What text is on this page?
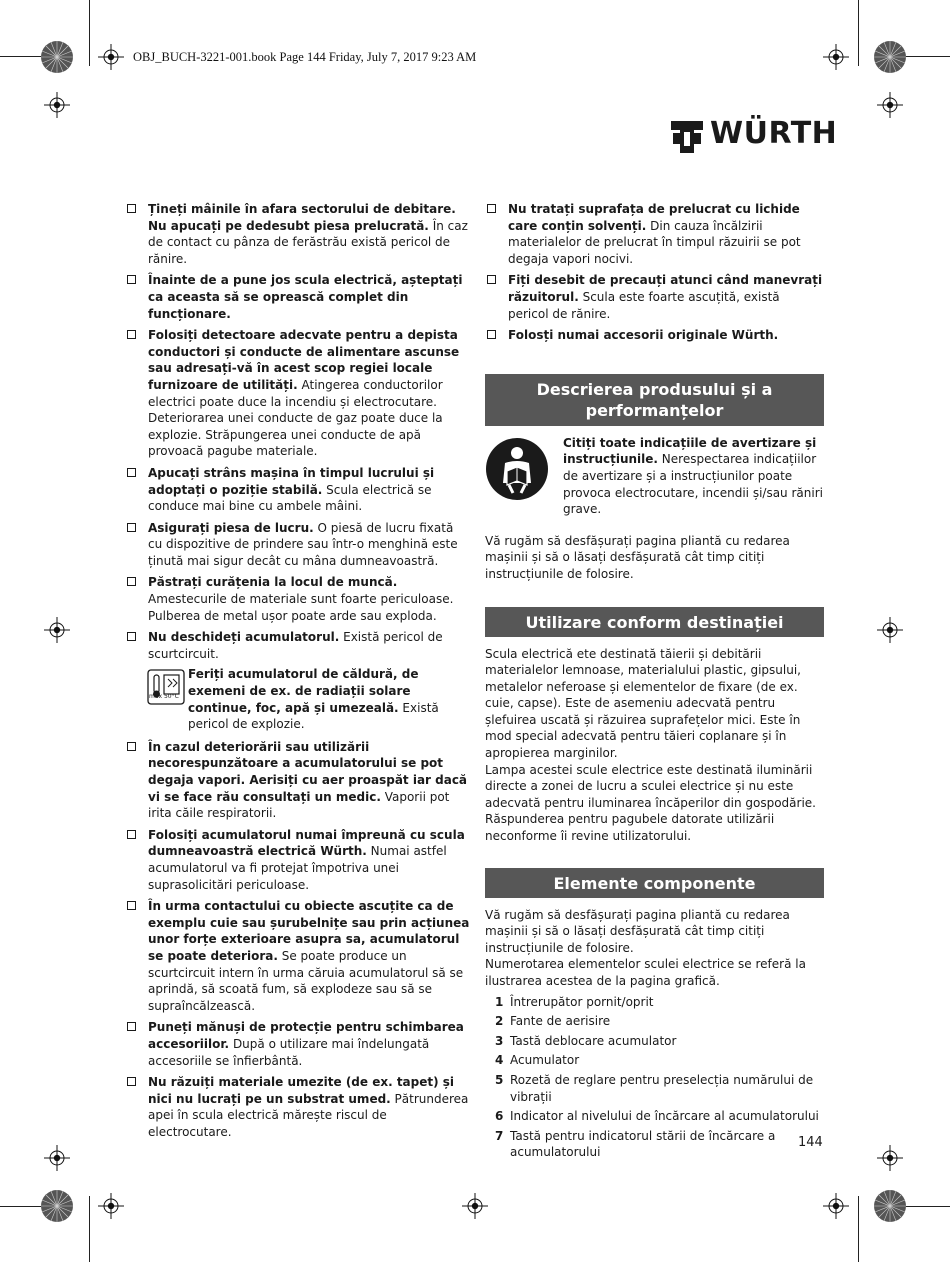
OBJ_BUCH-3221-001.book Page 144 Friday, July 7, 2017 9:23 AM
WÜRTH
Țineți mâinile în afara sectorului de debitare. Nu apucați pe dedesubt piesa prelucrată. În caz de contact cu pânza de ferăstrău există pericol de rănire.
Înainte de a pune jos scula electrică, așteptați ca aceasta să se oprească complet din funcționare.
Folosiți detectoare adecvate pentru a depista conductori și conducte de alimentare ascunse sau adresați-vă în acest scop regiei locale furnizoare de utilități. Atingerea conductorilor electrici poate duce la incendiu și electrocutare. Deteriorarea unei conducte de gaz poate duce la explozie. Străpungerea unei conducte de apă provoacă pagube materiale.
Apucați strâns mașina în timpul lucrului și adoptați o poziție stabilă. Scula electrică se conduce mai bine cu ambele mâini.
Asigurați piesa de lucru. O piesă de lucru fixată cu dispozitive de prindere sau într-o menghină este ținută mai sigur decât cu mâna dumneavoastră.
Păstrați curățenia la locul de muncă. Amestecurile de materiale sunt foarte periculoase. Pulberea de metal ușor poate arde sau exploda.
Nu deschideți acumulatorul. Există pericol de scurtcircuit.
max 50°C
Feriți acumulatorul de căldură, de exemeni de ex. de radiații solare continue, foc, apă și umezeală. Există pericol de explozie.
În cazul deteriorării sau utilizării necorespunzătoare a acumulatorului se pot degaja vapori. Aerisiți cu aer proaspăt iar dacă vi se face rău consultați un medic. Vaporii pot irita căile respiratorii.
Folosiți acumulatorul numai împreună cu scula dumneavoastră electrică Würth. Numai astfel acumulatorul va fi protejat împotriva unei suprasolicitări periculoase.
În urma contactului cu obiecte ascuțite ca de exemplu cuie sau șurubelnițe sau prin acțiunea unor forțe exterioare asupra sa, acumulatorul se poate deteriora. Se poate produce un scurtcircuit intern în urma căruia acumulatorul să se aprindă, să scoată fum, să explodeze sau să se supraîncălzească.
Puneți mănuși de protecție pentru schimbarea accesoriilor. După o utilizare mai îndelungată accesoriile se înfierbântă.
Nu răzuiți materiale umezite (de ex. tapet) și nici nu lucrați pe un substrat umed. Pătrunderea apei în scula electrică mărește riscul de electrocutare.
Nu tratați suprafața de prelucrat cu lichide care conțin solvenți. Din cauza încălzirii materialelor de prelucrat în timpul răzuirii se pot degaja vapori nocivi.
Fiți desebit de precauți atunci când manevrați răzuitorul. Scula este foarte ascuțită, există pericol de rănire.
Folosți numai accesorii originale Würth.
Descrierea produsului și a performanțelor
Citiți toate indicațiile de avertizare și instrucțiunile. Nerespectarea indicațiilor de avertizare și a instrucțiunilor poate provoca electrocutare, incendii și/sau răniri grave.

Vă rugăm să desfășurați pagina pliantă cu redarea mașinii și să o lăsați desfășurată cât timp citiți instrucțiunile de folosire.

Utilizare conform destinației

Scula electrică ete destinată tăierii și debitării materialelor lemnoase, materialului plastic, gipsului, metalelor neferoase și elementelor de fixare (de ex. cuie, capse). Este de asemeniu adecvată pentru șlefuirea uscată și răzuirea suprafețelor mici. Este în mod special adecvată pentru tăieri coplanare și în apropierea marginilor.

Lampa acestei scule electrice este destinată iluminării directe a zonei de lucru a sculei electrice și nu este adecvată pentru iluminarea încăperilor din gospodărie.

Răspunderea pentru pagubele datorate utilizării neconforme îi revine utilizatorului.

Elemente componente

Vă rugăm să desfășurați pagina pliantă cu redarea mașinii și să o lăsați desfășurată cât timp citiți instrucțiunile de folosire.

Numerotarea elementelor sculei electrice se referă la ilustrarea acestea de la pagina grafică.

1 Întrerupător pornit/oprit
2 Fante de aerisire
3 Tastă deblocare acumulator
4 Acumulator
5 Rozetă de reglare pentru preselecția numărului de vibrații
6 Indicator al nivelului de încărcare al acumulatorului
7 Tastă pentru indicatorul stării de încărcare a acumulatorului
144
